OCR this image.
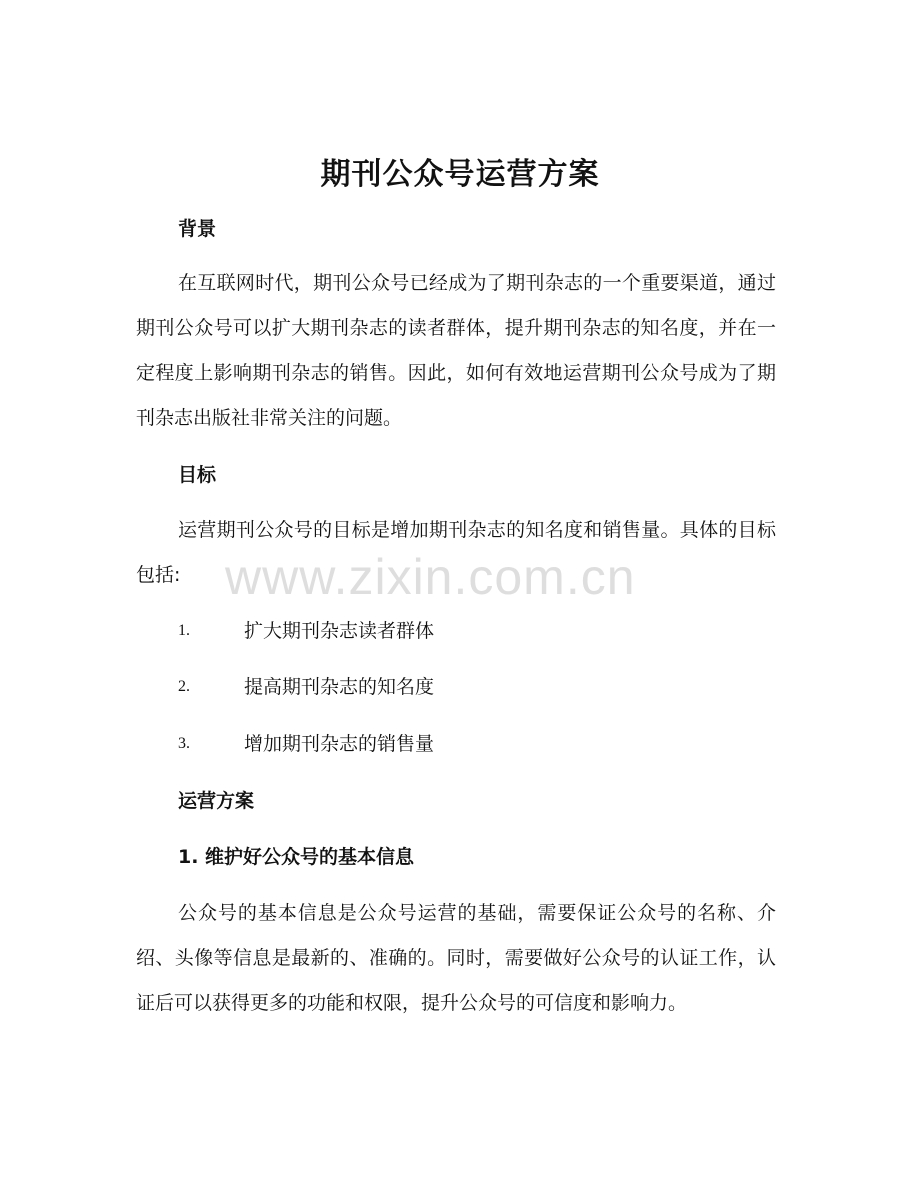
期刊公众号运营方案
背景

在互联网时代，期刊公众号已经成为了期刊杂志的一个重要渠道，通过期刊公众号可以扩大期刊杂志的读者群体，提升期刊杂志的知名度，并在一定程度上影响期刊杂志的销售。因此，如何有效地运营期刊公众号成为了期刊杂志出版社非常关注的问题。

目标

运营期刊公众号的目标是增加期刊杂志的知名度和销售量。具体的目标包括:

1.	扩大期刊杂志读者群体
2.	提高期刊杂志的知名度
3.	增加期刊杂志的销售量
运营方案
1. 维护好公众号的基本信息

公众号的基本信息是公众号运营的基础，需要保证公众号的名称、介绍、头像等信息是最新的、准确的。同时，需要做好公众号的认证工作，认证后可以获得更多的功能和权限，提升公众号的可信度和影响力。

www.zixin.com.cn
